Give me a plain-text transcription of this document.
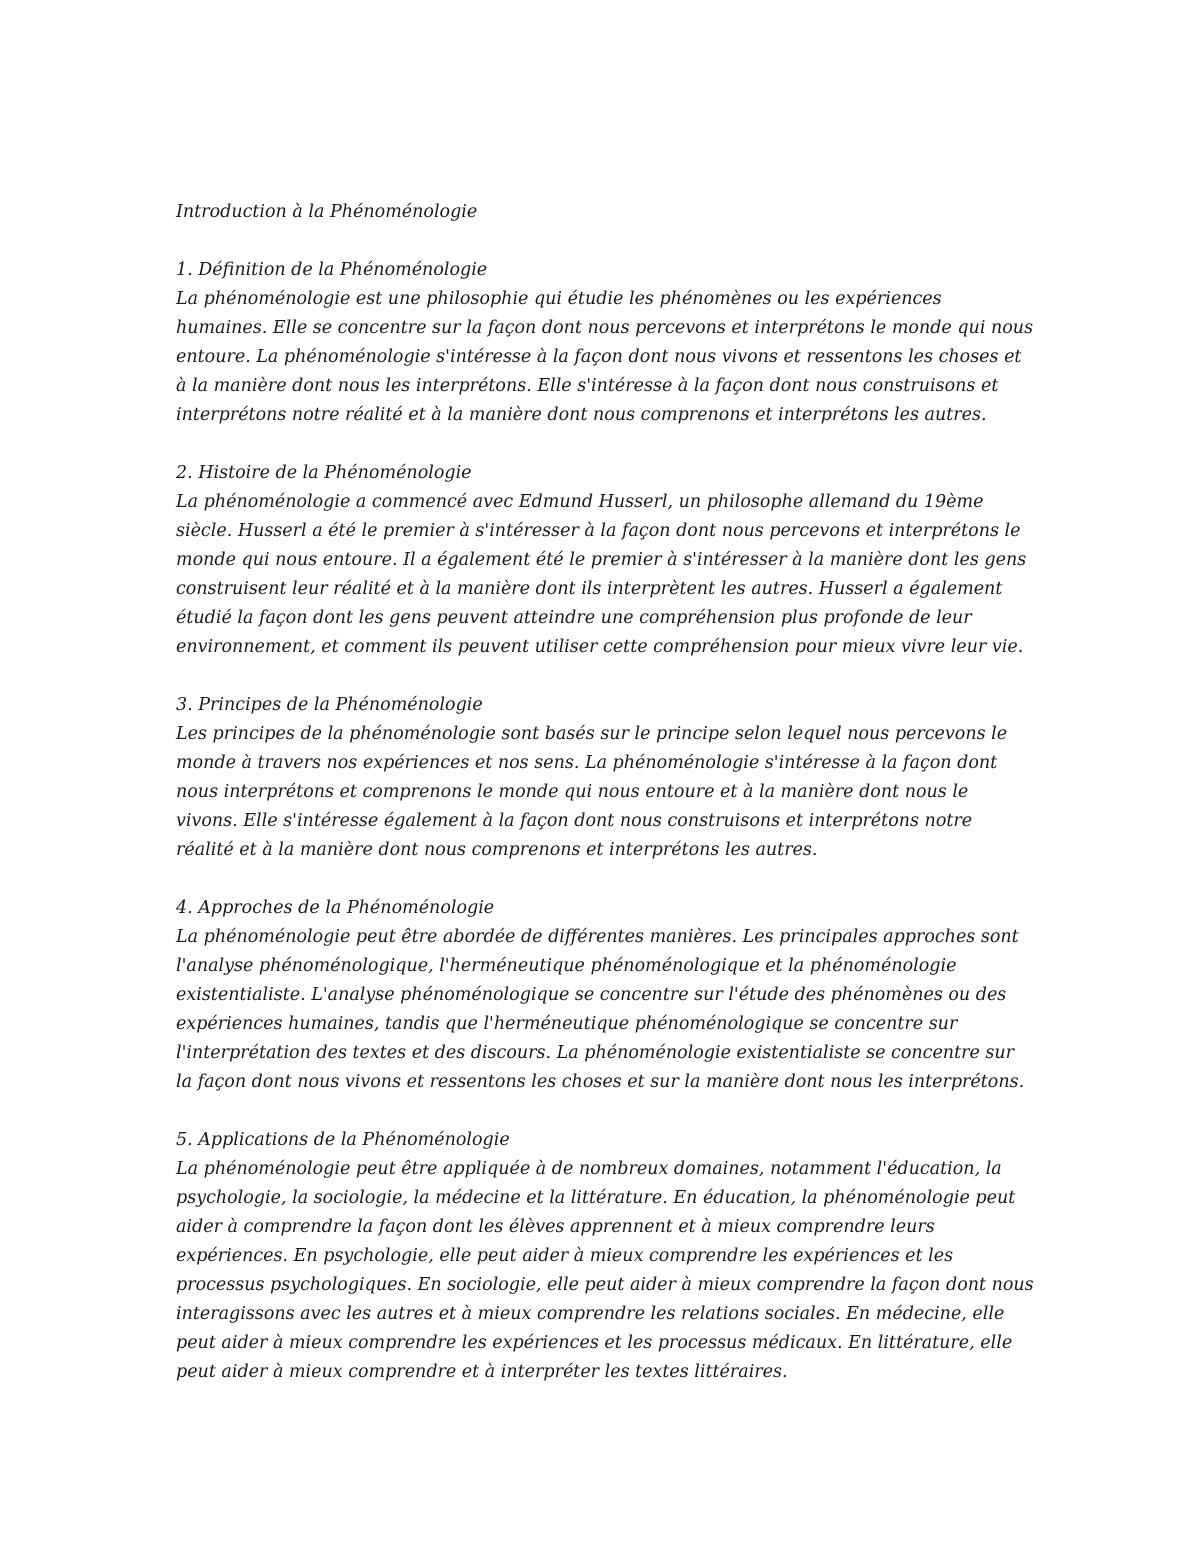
Introduction à la Phénoménologie
1. Définition de la Phénoménologie
La phénoménologie est une philosophie qui étudie les phénomènes ou les expériences
humaines. Elle se concentre sur la façon dont nous percevons et interprétons le monde qui nous
entoure. La phénoménologie s'intéresse à la façon dont nous vivons et ressentons les choses et
à la manière dont nous les interprétons. Elle s'intéresse à la façon dont nous construisons et
interprétons notre réalité et à la manière dont nous comprenons et interprétons les autres.
2. Histoire de la Phénoménologie
La phénoménologie a commencé avec Edmund Husserl, un philosophe allemand du 19ème
siècle. Husserl a été le premier à s'intéresser à la façon dont nous percevons et interprétons le
monde qui nous entoure. Il a également été le premier à s'intéresser à la manière dont les gens
construisent leur réalité et à la manière dont ils interprètent les autres. Husserl a également
étudié la façon dont les gens peuvent atteindre une compréhension plus profonde de leur
environnement, et comment ils peuvent utiliser cette compréhension pour mieux vivre leur vie.
3. Principes de la Phénoménologie
Les principes de la phénoménologie sont basés sur le principe selon lequel nous percevons le
monde à travers nos expériences et nos sens. La phénoménologie s'intéresse à la façon dont
nous interprétons et comprenons le monde qui nous entoure et à la manière dont nous le
vivons. Elle s'intéresse également à la façon dont nous construisons et interprétons notre
réalité et à la manière dont nous comprenons et interprétons les autres.
4. Approches de la Phénoménologie
La phénoménologie peut être abordée de différentes manières. Les principales approches sont
l'analyse phénoménologique, l'herméneutique phénoménologique et la phénoménologie
existentialiste. L'analyse phénoménologique se concentre sur l'étude des phénomènes ou des
expériences humaines, tandis que l'herméneutique phénoménologique se concentre sur
l'interprétation des textes et des discours. La phénoménologie existentialiste se concentre sur
la façon dont nous vivons et ressentons les choses et sur la manière dont nous les interprétons.
5. Applications de la Phénoménologie
La phénoménologie peut être appliquée à de nombreux domaines, notamment l'éducation, la
psychologie, la sociologie, la médecine et la littérature. En éducation, la phénoménologie peut
aider à comprendre la façon dont les élèves apprennent et à mieux comprendre leurs
expériences. En psychologie, elle peut aider à mieux comprendre les expériences et les
processus psychologiques. En sociologie, elle peut aider à mieux comprendre la façon dont nous
interagissons avec les autres et à mieux comprendre les relations sociales. En médecine, elle
peut aider à mieux comprendre les expériences et les processus médicaux. En littérature, elle
peut aider à mieux comprendre et à interpréter les textes littéraires.
